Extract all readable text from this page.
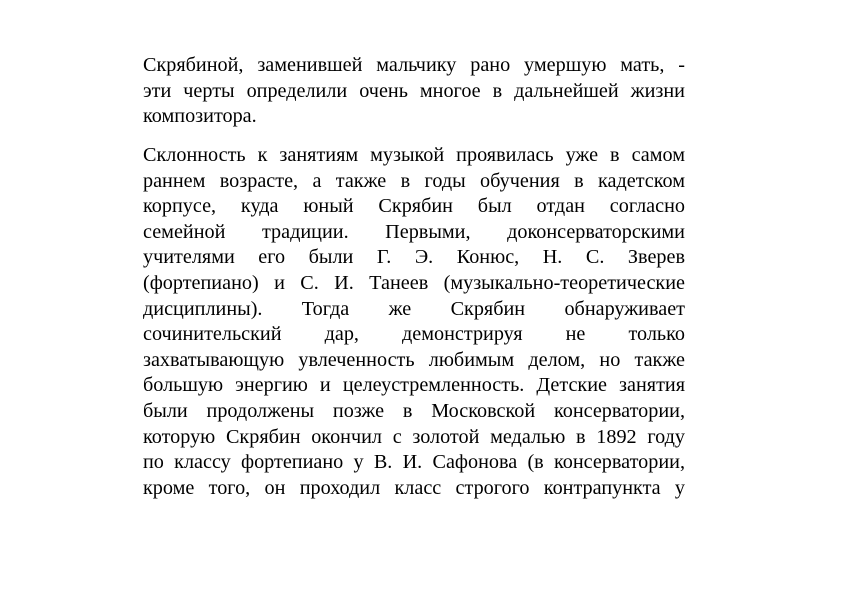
Скрябиной, заменившей мальчику рано умершую мать, -
эти черты определили очень многое в дальнейшей жизни
композитора.
Склонность к занятиям музыкой проявилась уже в самом
раннем возрасте, а также в годы обучения в кадетском
корпусе, куда юный Скрябин был отдан согласно
семейной традиции. Первыми, доконсерваторскими
учителями его были Г. Э. Конюс, Н. С. Зверев
(фортепиано) и С. И. Танеев (музыкально-теоретические
дисциплины). Тогда же Скрябин обнаруживает
сочинительский дар, демонстрируя не только
захватывающую увлеченность любимым делом, но также
большую энергию и целеустремленность. Детские занятия
были продолжены позже в Московской консерватории,
которую Скрябин окончил с золотой медалью в 1892 году
по классу фортепиано у В. И. Сафонова (в консерватории,
кроме того, он проходил класс строгого контрапункта у
